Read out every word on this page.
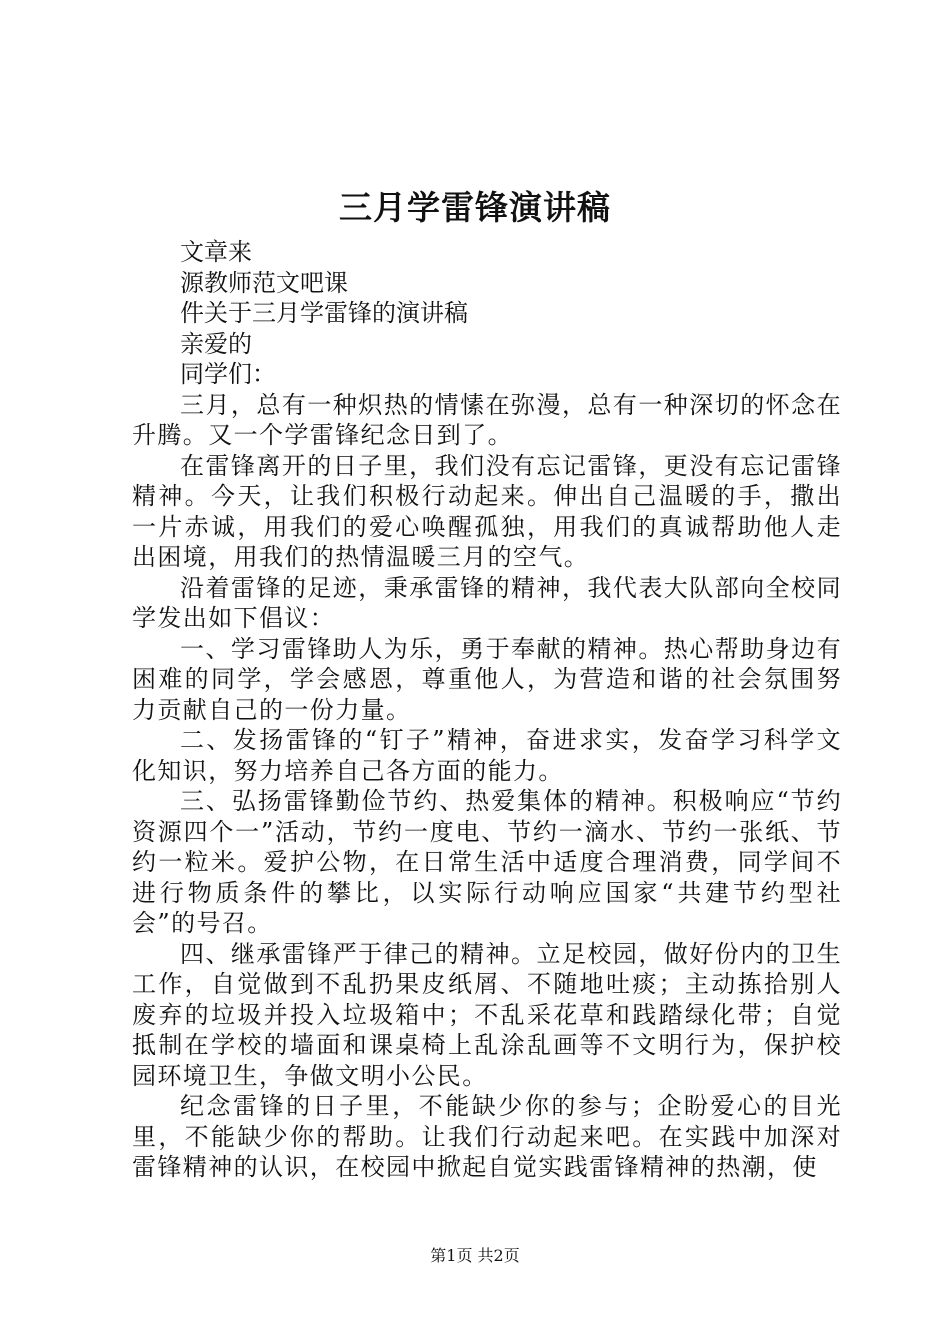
三月学雷锋演讲稿

文章来

源教师范文吧课

件关于三月学雷锋的演讲稿

亲爱的

同学们：

三月，总有一种炽热的情愫在弥漫，总有一种深切的怀念在升腾。又一个学雷锋纪念日到了。

在雷锋离开的日子里，我们没有忘记雷锋，更没有忘记雷锋精神。今天，让我们积极行动起来。伸出自己温暖的手，撒出一片赤诚，用我们的爱心唤醒孤独，用我们的真诚帮助他人走出困境，用我们的热情温暖三月的空气。

沿着雷锋的足迹，秉承雷锋的精神，我代表大队部向全校同学发出如下倡议：

一、学习雷锋助人为乐，勇于奉献的精神。热心帮助身边有困难的同学，学会感恩，尊重他人，为营造和谐的社会氛围努力贡献自己的一份力量。

二、发扬雷锋的“钉子”精神，奋进求实，发奋学习科学文化知识，努力培养自己各方面的能力。

三、弘扬雷锋勤俭节约、热爱集体的精神。积极响应“节约资源四个一”活动，节约一度电、节约一滴水、节约一张纸、节约一粒米。爱护公物，在日常生活中适度合理消费，同学间不进行物质条件的攀比，以实际行动响应国家“共建节约型社会”的号召。

四、继承雷锋严于律己的精神。立足校园，做好份内的卫生工作，自觉做到不乱扔果皮纸屑、不随地吐痰；主动拣拾别人废弃的垃圾并投入垃圾箱中；不乱采花草和践踏绿化带；自觉抵制在学校的墙面和课桌椅上乱涂乱画等不文明行为，保护校园环境卫生，争做文明小公民。

纪念雷锋的日子里，不能缺少你的参与；企盼爱心的目光里，不能缺少你的帮助。让我们行动起来吧。在实践中加深对雷锋精神的认识，在校园中掀起自觉实践雷锋精神的热潮，使

第1页 共2页
